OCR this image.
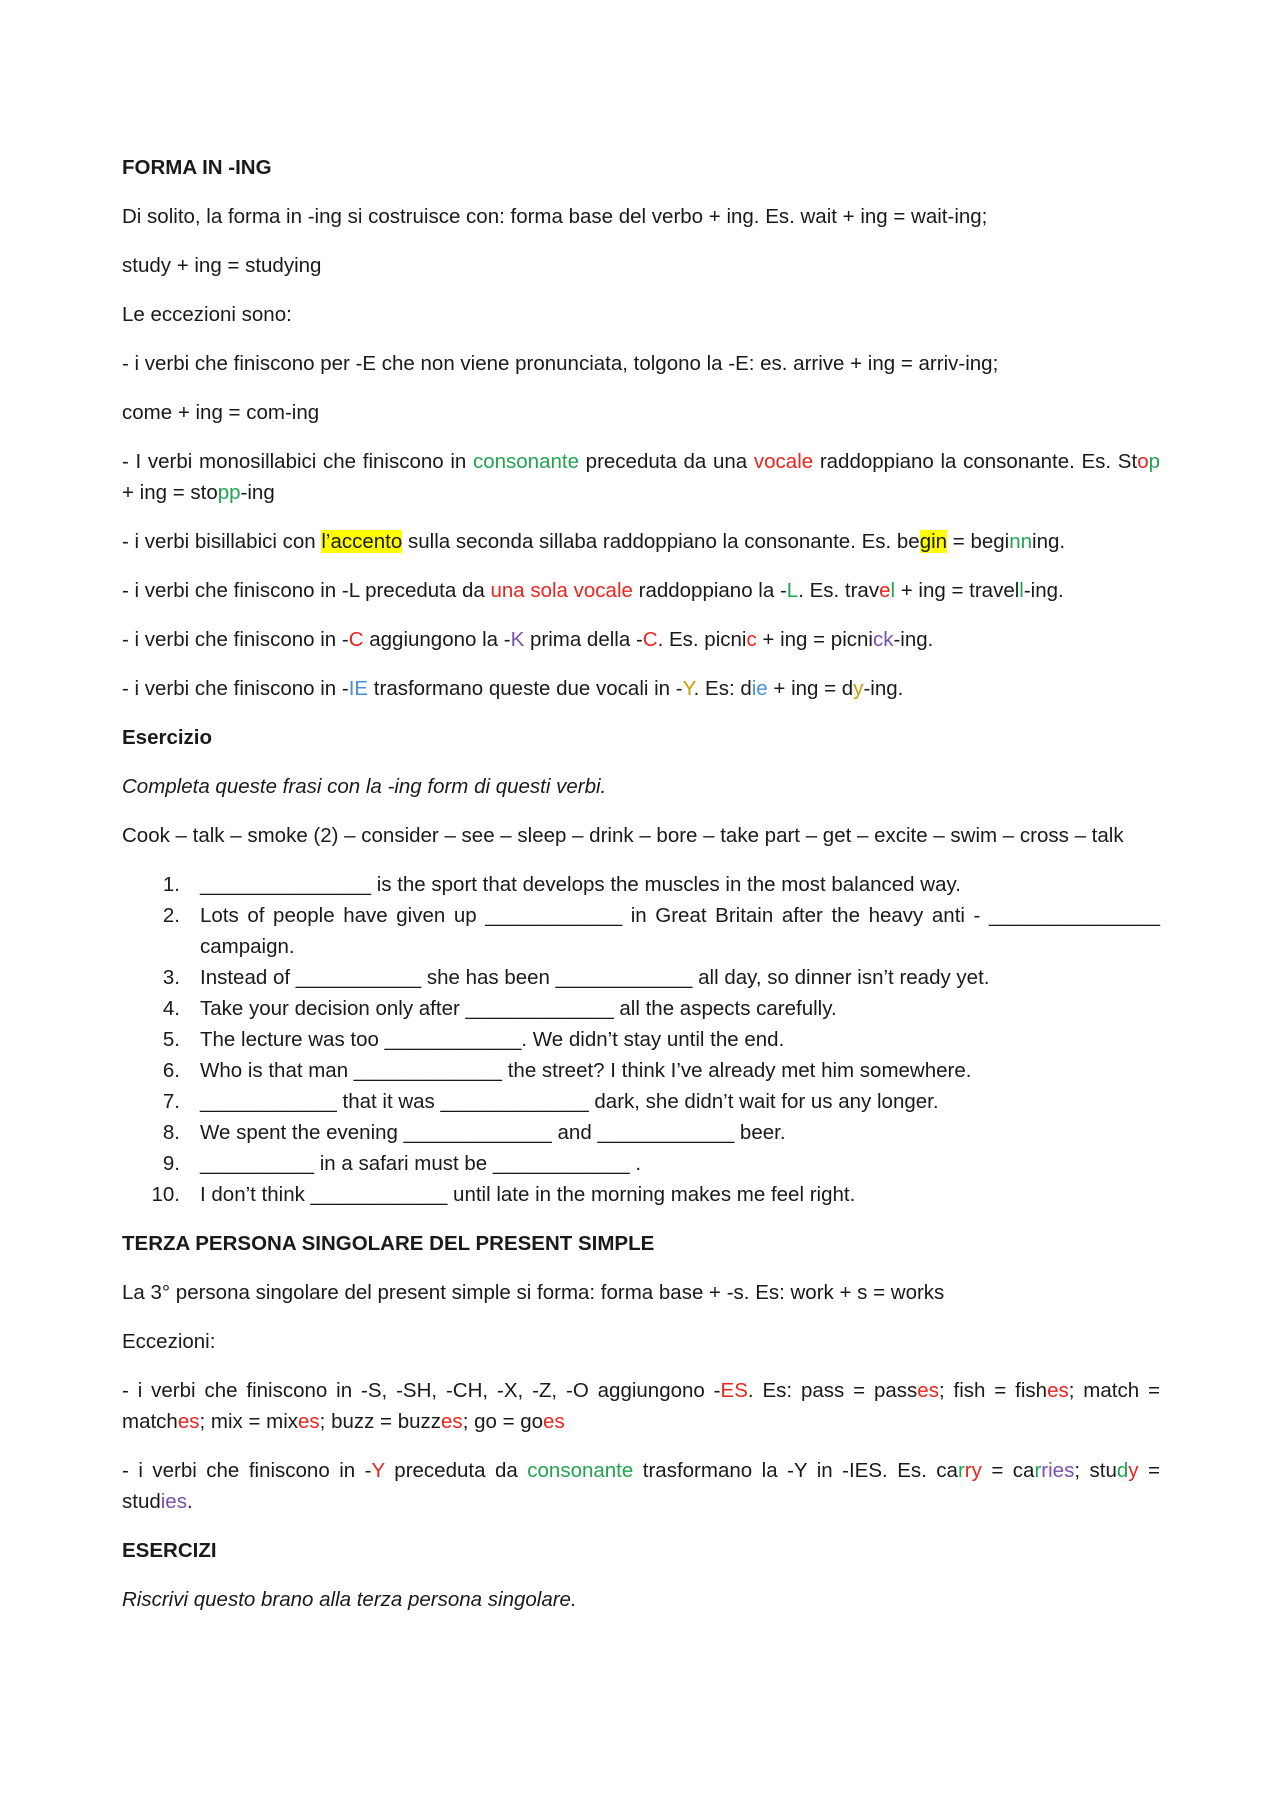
FORMA IN -ING
Di solito, la forma in -ing si costruisce con: forma base del verbo + ing. Es. wait + ing = wait-ing;
study + ing = studying
Le eccezioni sono:
- i verbi che finiscono per -E che non viene pronunciata, tolgono la -E: es. arrive + ing = arriv-ing;
come + ing = com-ing
- I verbi monosillabici che finiscono in consonante preceduta da una vocale raddoppiano la consonante. Es. Stop + ing = stopp-ing
- i verbi bisillabici con l’accento sulla seconda sillaba raddoppiano la consonante. Es. begin = beginning.
- i verbi che finiscono in -L preceduta da una sola vocale raddoppiano la -L. Es. travel + ing = travell-ing.
- i verbi che finiscono in -C aggiungono la -K prima della -C. Es. picnic + ing = picnick-ing.
- i verbi che finiscono in -IE trasformano queste due vocali in -Y. Es: die + ing = dy-ing.
Esercizio
Completa queste frasi con la -ing form di questi verbi.
Cook – talk – smoke (2) – consider – see – sleep – drink – bore – take part – get – excite – swim – cross – talk
1. _______________ is the sport that develops the muscles in the most balanced way.
2. Lots of people have given up ____________ in Great Britain after the heavy anti - _______________ campaign.
3. Instead of ___________ she has been ____________ all day, so dinner isn’t ready yet.
4. Take your decision only after _____________ all the aspects carefully.
5. The lecture was too ____________. We didn’t stay until the end.
6. Who is that man _____________ the street? I think I’ve already met him somewhere.
7. ____________ that it was _____________ dark, she didn’t wait for us any longer.
8. We spent the evening _____________ and ____________ beer.
9. __________ in a safari must be ____________ .
10. I don’t think ____________ until late in the morning makes me feel right.
TERZA PERSONA SINGOLARE DEL PRESENT SIMPLE
La 3° persona singolare del present simple si forma: forma base + -s. Es: work + s = works
Eccezioni:
- i verbi che finiscono in -S, -SH, -CH, -X, -Z, -O aggiungono -ES. Es: pass = passes; fish = fishes; match = matches; mix = mixes; buzz = buzzes; go = goes
- i verbi che finiscono in -Y preceduta da consonante trasformano la -Y in -IES. Es. carry = carries; study = studies.
ESERCIZI
Riscrivi questo brano alla terza persona singolare.
